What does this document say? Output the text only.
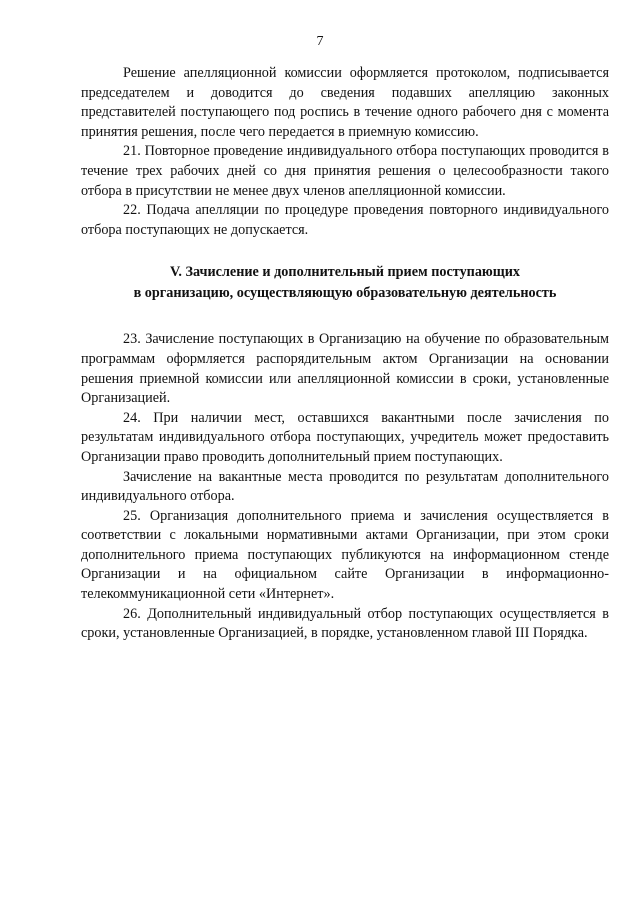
7

Решение апелляционной комиссии оформляется протоколом, подписывается председателем и доводится до сведения подавших апелляцию законных представителей поступающего под роспись в течение одного рабочего дня с момента принятия решения, после чего передается в приемную комиссию.

21. Повторное проведение индивидуального отбора поступающих проводится в течение трех рабочих дней со дня принятия решения о целесообразности такого отбора в присутствии не менее двух членов апелляционной комиссии.

22. Подача апелляции по процедуре проведения повторного индивидуального отбора поступающих не допускается.

V. Зачисление и дополнительный прием поступающих
в организацию, осуществляющую образовательную деятельность

23. Зачисление поступающих в Организацию на обучение по образовательным программам оформляется распорядительным актом Организации на основании решения приемной комиссии или апелляционной комиссии в сроки, установленные Организацией.

24. При наличии мест, оставшихся вакантными после зачисления по результатам индивидуального отбора поступающих, учредитель может предоставить Организации право проводить дополнительный прием поступающих.

Зачисление на вакантные места проводится по результатам дополнительного индивидуального отбора.

25. Организация дополнительного приема и зачисления осуществляется в соответствии с локальными нормативными актами Организации, при этом сроки дополнительного приема поступающих публикуются на информационном стенде Организации и на официальном сайте Организации в информационно-телекоммуникационной сети «Интернет».

26. Дополнительный индивидуальный отбор поступающих осуществляется в сроки, установленные Организацией, в порядке, установленном главой III Порядка.
